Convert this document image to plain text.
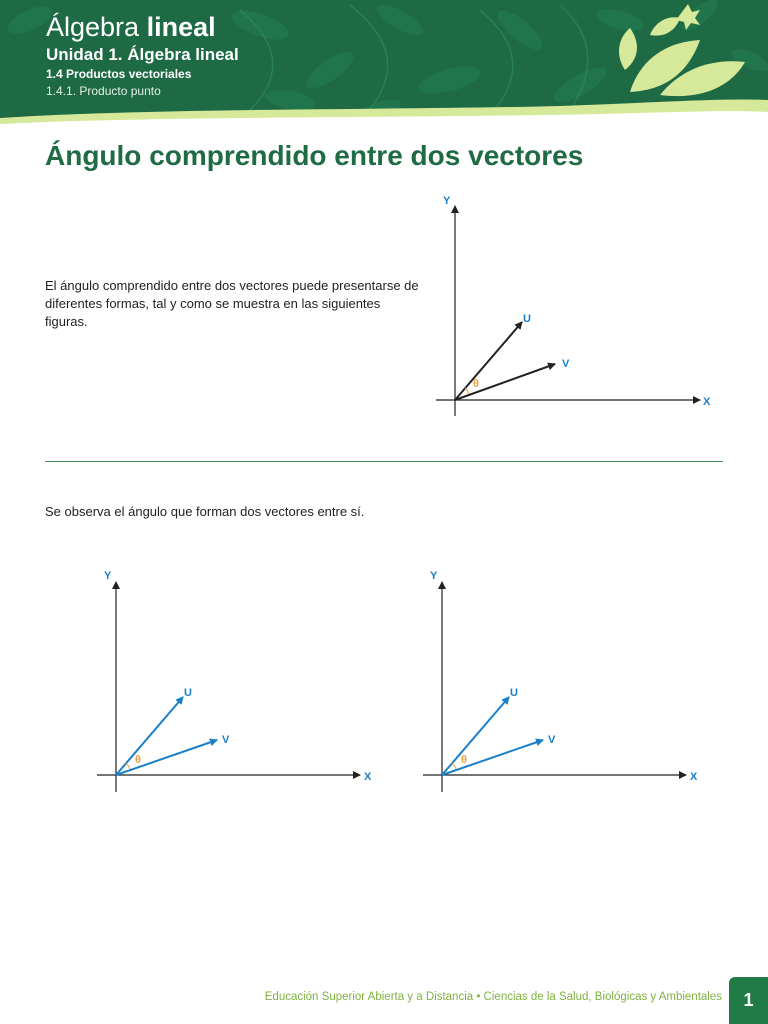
Álgebra lineal
Unidad 1. Álgebra lineal
1.4 Productos vectoriales
1.4.1. Producto punto
Ángulo comprendido entre dos vectores

El ángulo comprendido entre dos vectores puede presentarse de diferentes formas, tal y como se muestra en las siguientes figuras.

θ
Y
X
U
V

Se observa el ángulo que forman dos vectores entre sí.

θ
Y
X
U
V
θ
Y
X
U
V
Educación Superior Abierta y a Distancia • Ciencias de la Salud, Biológicas y Ambientales	1
